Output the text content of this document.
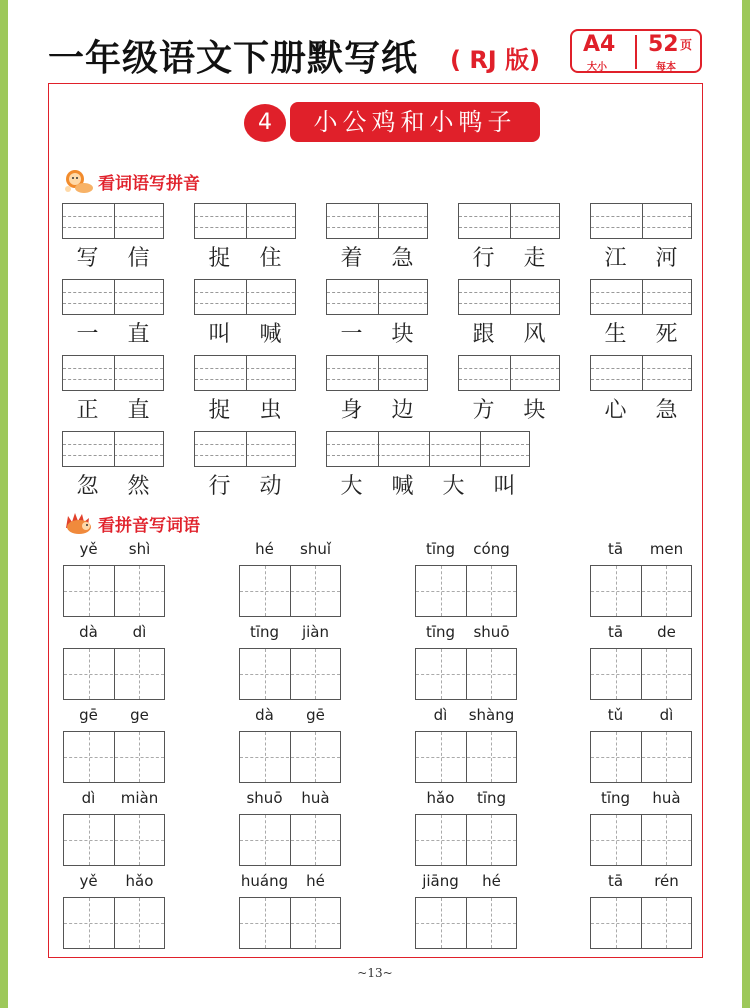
一年级语文下册默写纸 ( RJ 版)
A4
大小
52 页
每本
4	小公鸡和小鸭子
看词语写拼音
写	信	捉	住	着	急	行	走	江	河
一	直	叫	喊	一	块	跟	风	生	死
正	直	捉	虫	身	边	方	块	心	急
忽	然	行	动	大	喊	大	叫
看拼音写词语
yě	shì	hé	shuǐ	tīng	cóng	tā	men
dà	dì	tīng	jiàn	tīng	shuō	tā	de
gē	ge	dà	gē	dì	shàng	tǔ	dì
dì	miàn	shuō	huà	hǎo	tīng	tīng	huà
yě	hǎo	huáng	hé	jiāng	hé	tā	rén
~13~
